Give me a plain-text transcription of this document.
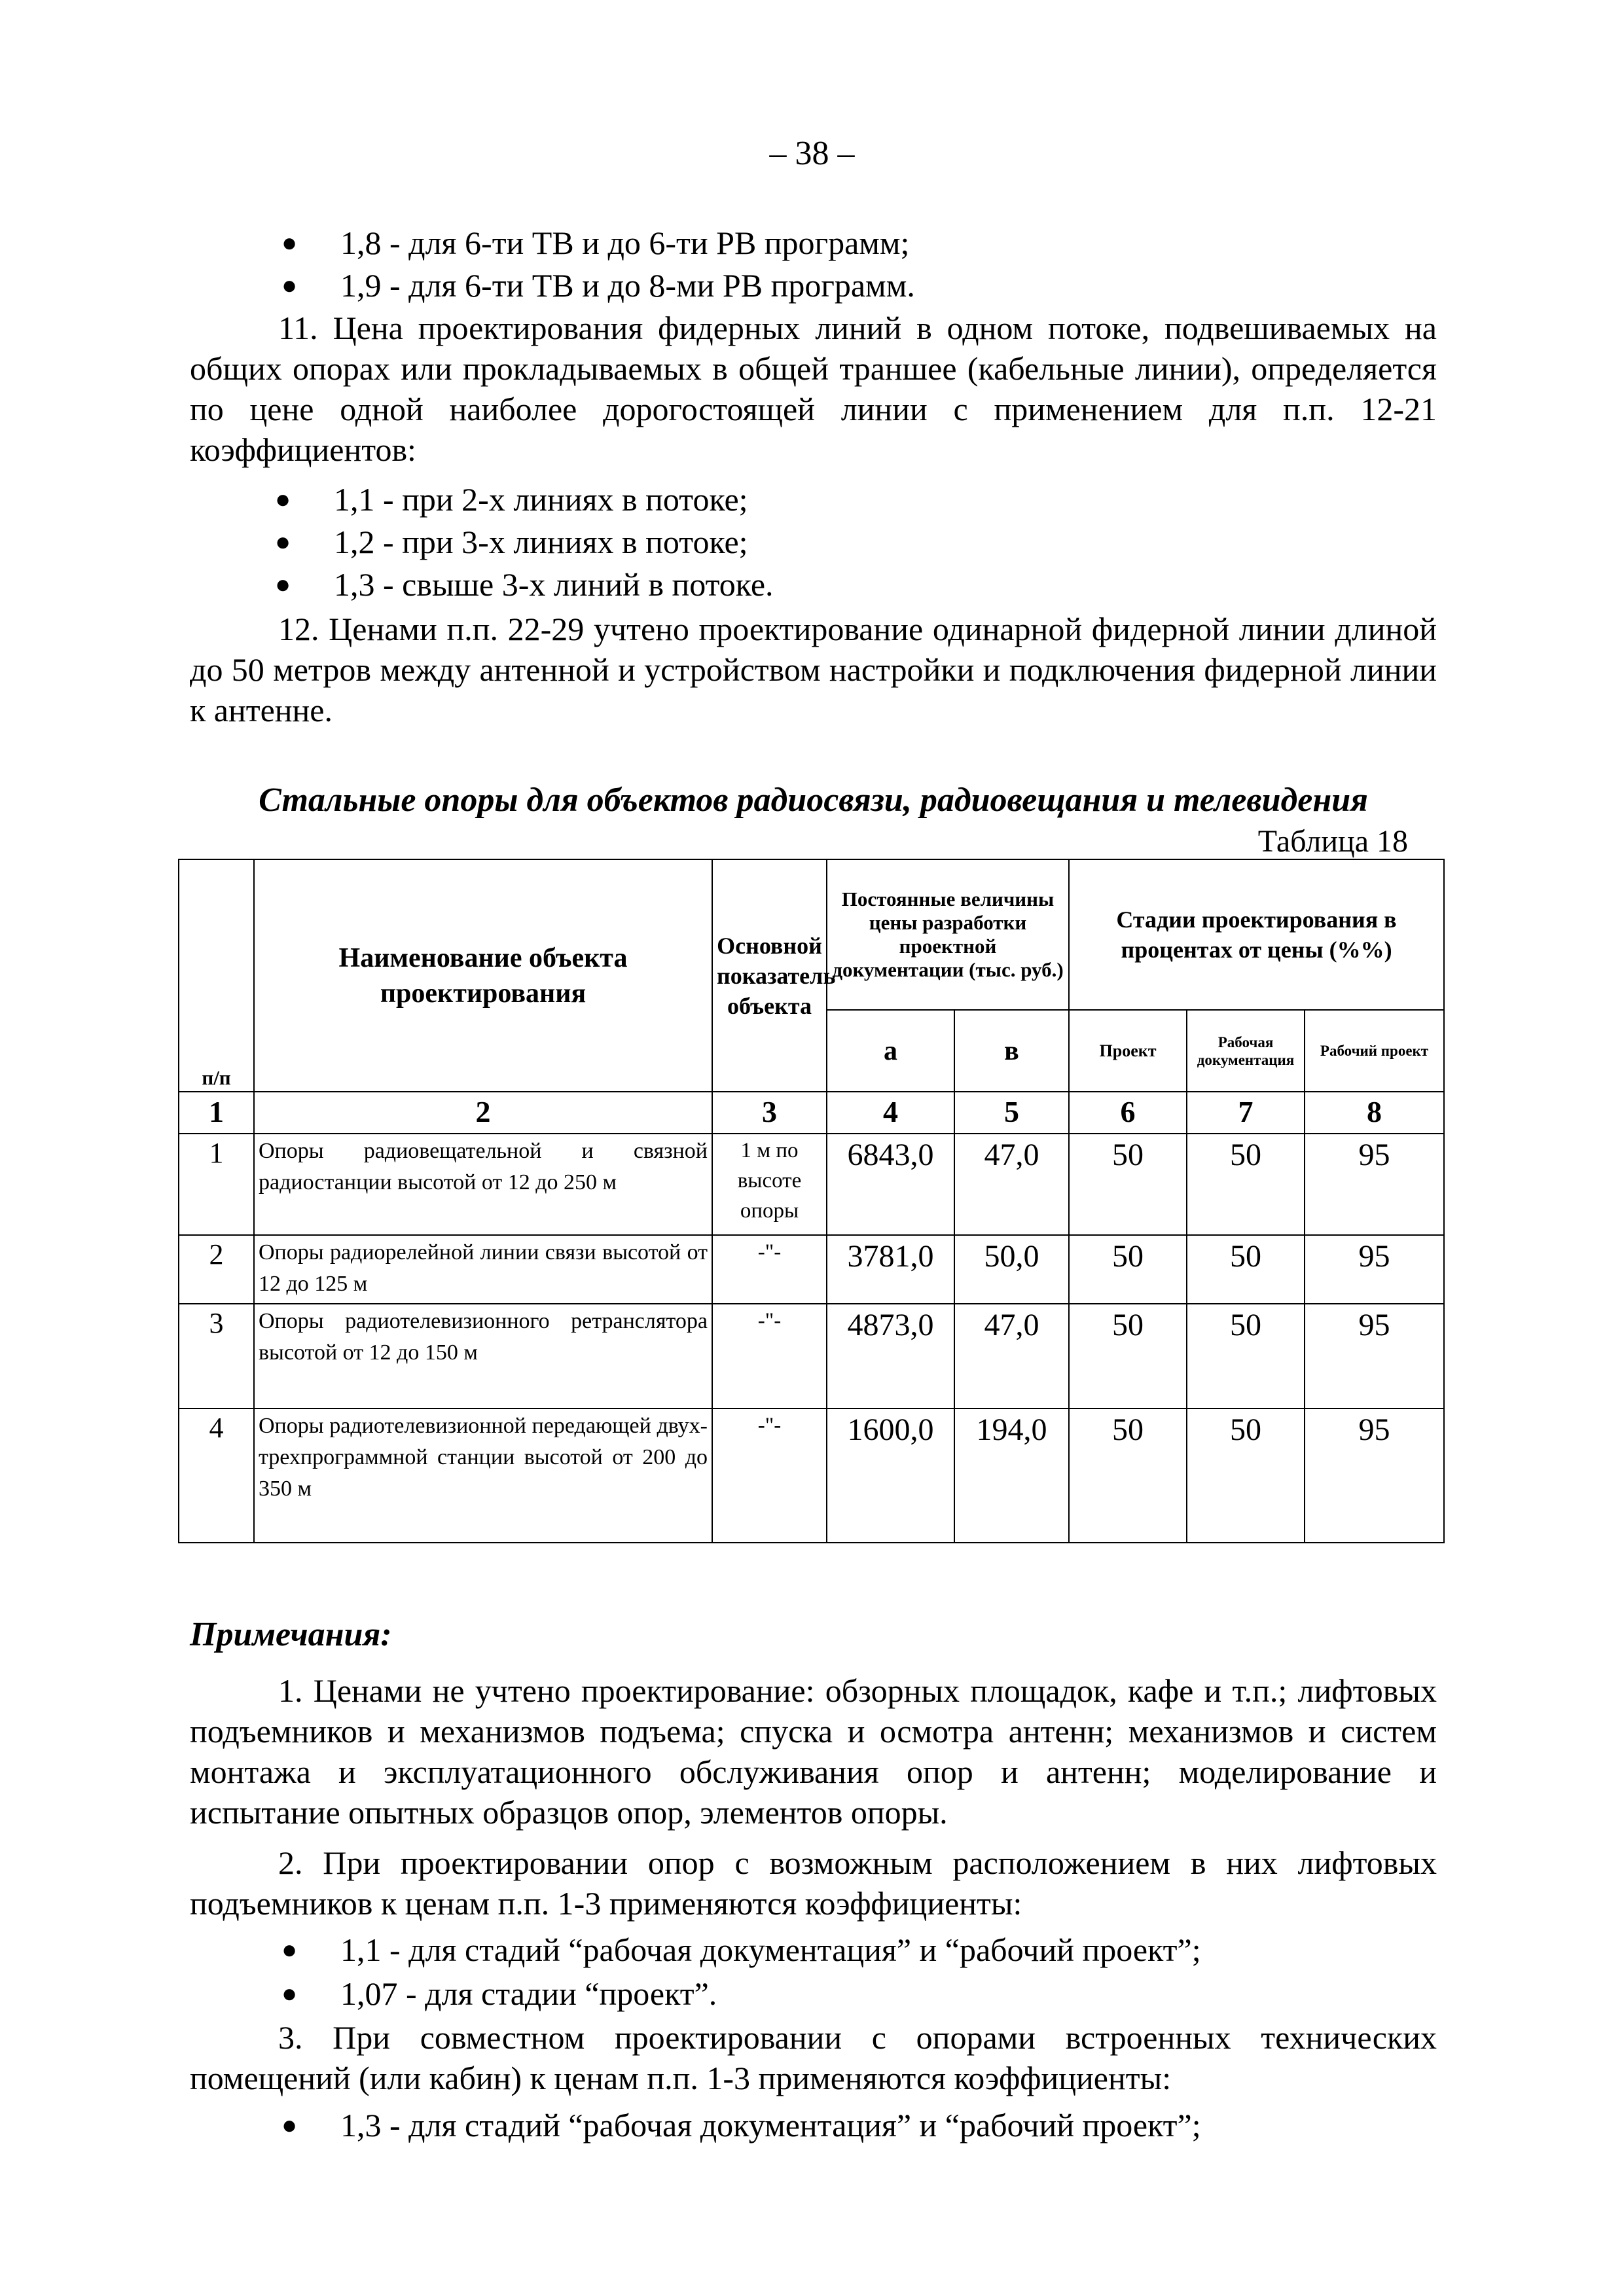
– 38 –
● 1,8 - для 6-ти ТВ и до 6-ти РВ программ;
● 1,9 - для 6-ти ТВ и до 8-ми РВ программ.
11. Цена проектирования фидерных линий в одном потоке, подвешиваемых на общих опорах или прокладываемых в общей траншее (кабельные линии), определяется по цене одной наиболее дорогостоящей линии с применением для п.п. 12-21 коэффициентов:
● 1,1 - при 2-х линиях в потоке;
● 1,2 - при 3-х линиях в потоке;
● 1,3 - свыше 3-х линий в потоке.
12. Ценами п.п. 22-29 учтено проектирование одинарной фидерной линии длиной до 50 метров между антенной и устройством настройки и подключения фидерной линии к антенне.
Стальные опоры для объектов радиосвязи, радиовещания и телевидения
Таблица 18
п/п	Наименование объекта проектирования	Основной показатель объекта	Постоянные величины цены разработки проектной документации (тыс. руб.)		Стадии проектирования в процентах от цены (%%)		
			а	в	Проект	Рабочая документация	Рабочий проект
1	2	3	4	5	6	7	8
1	Опоры радиовещательной и связной радиостанции высотой от 12 до 250 м	1 м по высоте опоры	6843,0	47,0	50	50	95
2	Опоры радиорелейной линии связи высотой от 12 до 125 м	-"-	3781,0	50,0	50	50	95
3	Опоры радиотелевизионного ретранслятора высотой от 12 до 150 м	-"-	4873,0	47,0	50	50	95
4	Опоры радиотелевизионной передающей двух-трехпрограммной станции высотой от 200 до 350 м	-"-	1600,0	194,0	50	50	95
Примечания:
1. Ценами не учтено проектирование: обзорных площадок, кафе и т.п.; лифтовых подъемников и механизмов подъема; спуска и осмотра антенн; механизмов и систем монтажа и эксплуатационного обслуживания опор и антенн; моделирование и испытание опытных образцов опор, элементов опоры.
2. При проектировании опор с возможным расположением в них лифтовых подъемников к ценам п.п. 1-3 применяются коэффициенты:
● 1,1 - для стадий “рабочая документация” и “рабочий проект”;
● 1,07 - для стадии “проект”.
3. При совместном проектировании с опорами встроенных технических помещений (или кабин) к ценам п.п. 1-3 применяются коэффициенты:
● 1,3 - для стадий “рабочая документация” и “рабочий проект”;
